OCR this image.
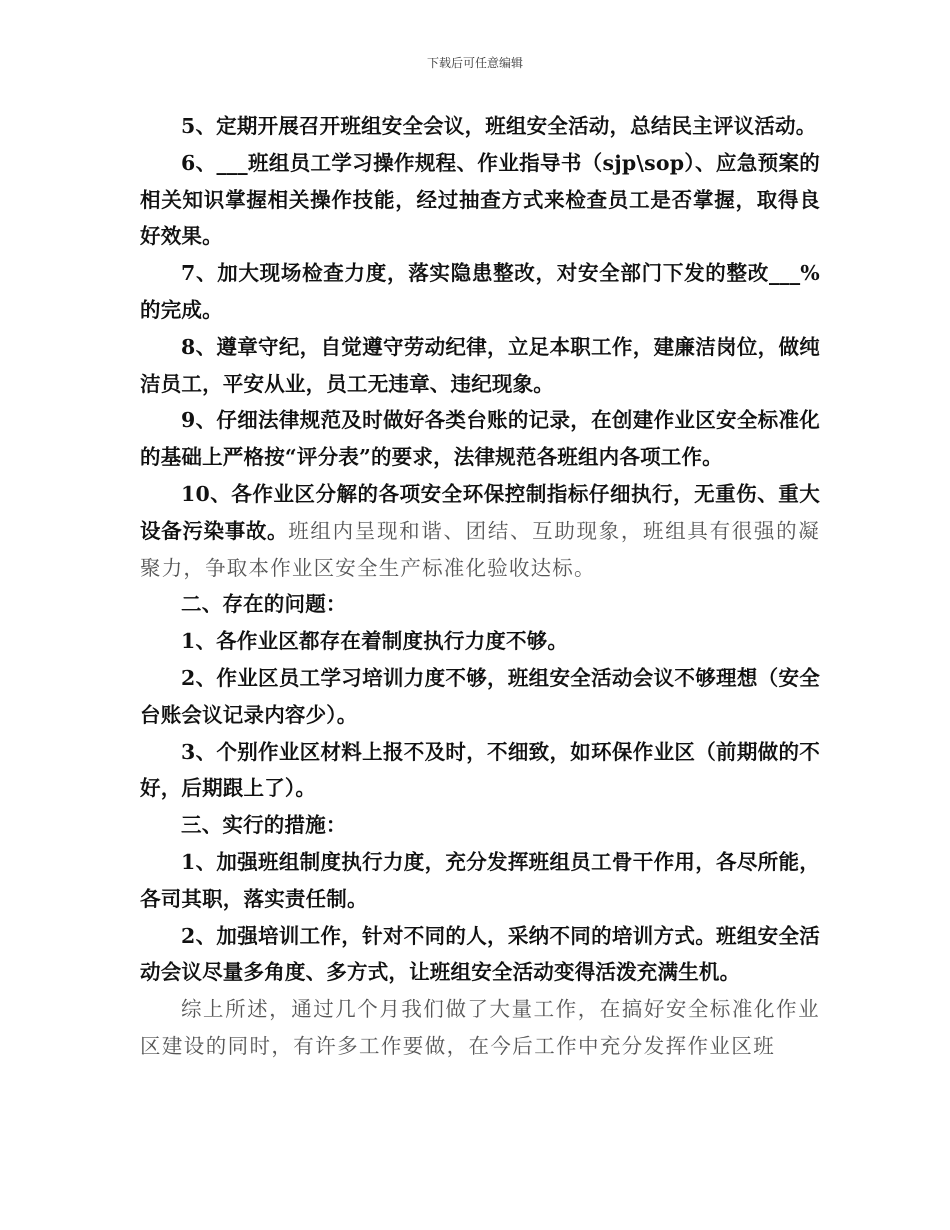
下载后可任意编辑

5、定期开展召开班组安全会议，班组安全活动，总结民主评议活动。

6、___班组员工学习操作规程、作业指导书（sjp\sop）、应急预案的相关知识掌握相关操作技能，经过抽查方式来检查员工是否掌握，取得良好效果。

7、加大现场检查力度，落实隐患整改，对安全部门下发的整改___%的完成。

8、遵章守纪，自觉遵守劳动纪律，立足本职工作，建廉洁岗位，做纯洁员工，平安从业，员工无违章、违纪现象。

9、仔细法律规范及时做好各类台账的记录，在创建作业区安全标准化的基础上严格按“评分表”的要求，法律规范各班组内各项工作。

10、各作业区分解的各项安全环保控制指标仔细执行，无重伤、重大设备污染事故。班组内呈现和谐、团结、互助现象，班组具有很强的凝聚力，争取本作业区安全生产标准化验收达标。

二、存在的问题：

1、各作业区都存在着制度执行力度不够。

2、作业区员工学习培训力度不够，班组安全活动会议不够理想（安全台账会议记录内容少）。

3、个别作业区材料上报不及时，不细致，如环保作业区（前期做的不好，后期跟上了）。

三、实行的措施：

1、加强班组制度执行力度，充分发挥班组员工骨干作用，各尽所能，各司其职，落实责任制。

2、加强培训工作，针对不同的人，采纳不同的培训方式。班组安全活动会议尽量多角度、多方式，让班组安全活动变得活泼充满生机。

综上所述，通过几个月我们做了大量工作，在搞好安全标准化作业区建设的同时，有许多工作要做，在今后工作中充分发挥作业区班
